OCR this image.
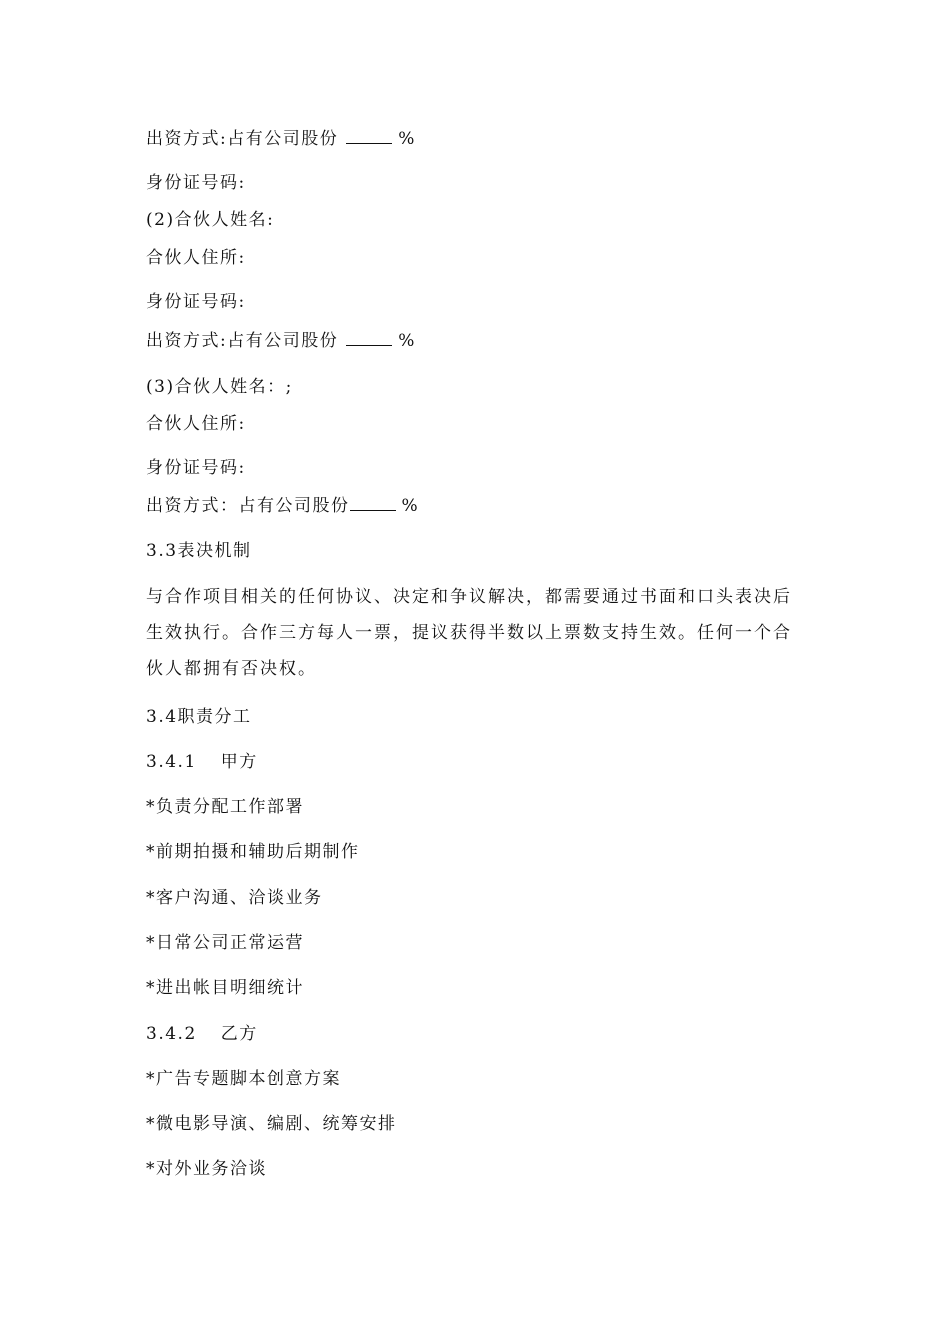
出资方式:占有公司股份	%
身份证号码:
(2)合伙人姓名:
合伙人住所:
身份证号码:
出资方式:占有公司股份	%
(3)合伙人姓名：;
合伙人住所:
身份证号码:
出资方式：占有公司股份	%
3.3表决机制
与合作项目相关的任何协议、决定和争议解决，都需要通过书面和口头表决后生效执行。合作三方每人一票，提议获得半数以上票数支持生效。任何一个合伙人都拥有否决权。
3.4职责分工
3.4.1 甲方
*负责分配工作部署
*前期拍摄和辅助后期制作
*客户沟通、洽谈业务
*日常公司正常运营
*进出帐目明细统计
3.4.2 乙方
*广告专题脚本创意方案
*微电影导演、编剧、统筹安排
*对外业务洽谈
